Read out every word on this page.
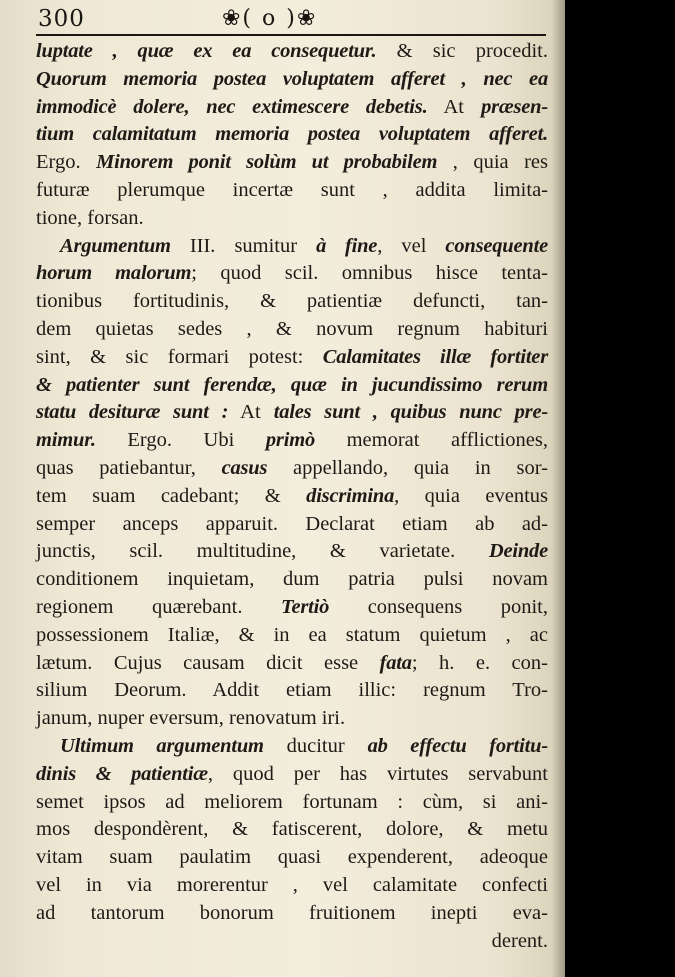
300	❀( o )❀
luptate , quæ ex ea consequetur. & sic procedit.
Quorum memoria postea voluptatem afferet , nec ea
immodicè dolere, nec extimescere debetis. At præsen-
tium calamitatum memoria postea voluptatem afferet.
Ergo. Minorem ponit solùm ut probabilem , quia res
futuræ plerumque incertæ sunt , addita limita-
tione, forsan.
Argumentum III. sumitur à fine, vel consequente
horum malorum; quod scil. omnibus hisce tenta-
tionibus fortitudinis, & patientiæ defuncti, tan-
dem quietas sedes , & novum regnum habituri
sint, & sic formari potest: Calamitates illæ fortiter
& patienter sunt ferendæ, quæ in jucundissimo rerum
statu desituræ sunt : At tales sunt , quibus nunc pre-
mimur. Ergo. Ubi primò memorat afflictiones,
quas patiebantur, casus appellando, quia in sor-
tem suam cadebant; & discrimina, quia eventus
semper anceps apparuit. Declarat etiam ab ad-
junctis, scil. multitudine, & varietate. Deinde
conditionem inquietam, dum patria pulsi novam
regionem quærebant. Tertiò consequens ponit,
possessionem Italiæ, & in ea statum quietum , ac
lætum. Cujus causam dicit esse fata; h. e. con-
silium Deorum. Addit etiam illic: regnum Tro-
janum, nuper eversum, renovatum iri.
Ultimum argumentum ducitur ab effectu fortitu-
dinis & patientiæ, quod per has virtutes servabunt
semet ipsos ad meliorem fortunam : cùm, si ani-
mos despondèrent, & fatiscerent, dolore, & metu
vitam suam paulatim quasi expenderent, adeoque
vel in via morerentur , vel calamitate confecti
ad tantorum bonorum fruitionem inepti eva-
derent.
